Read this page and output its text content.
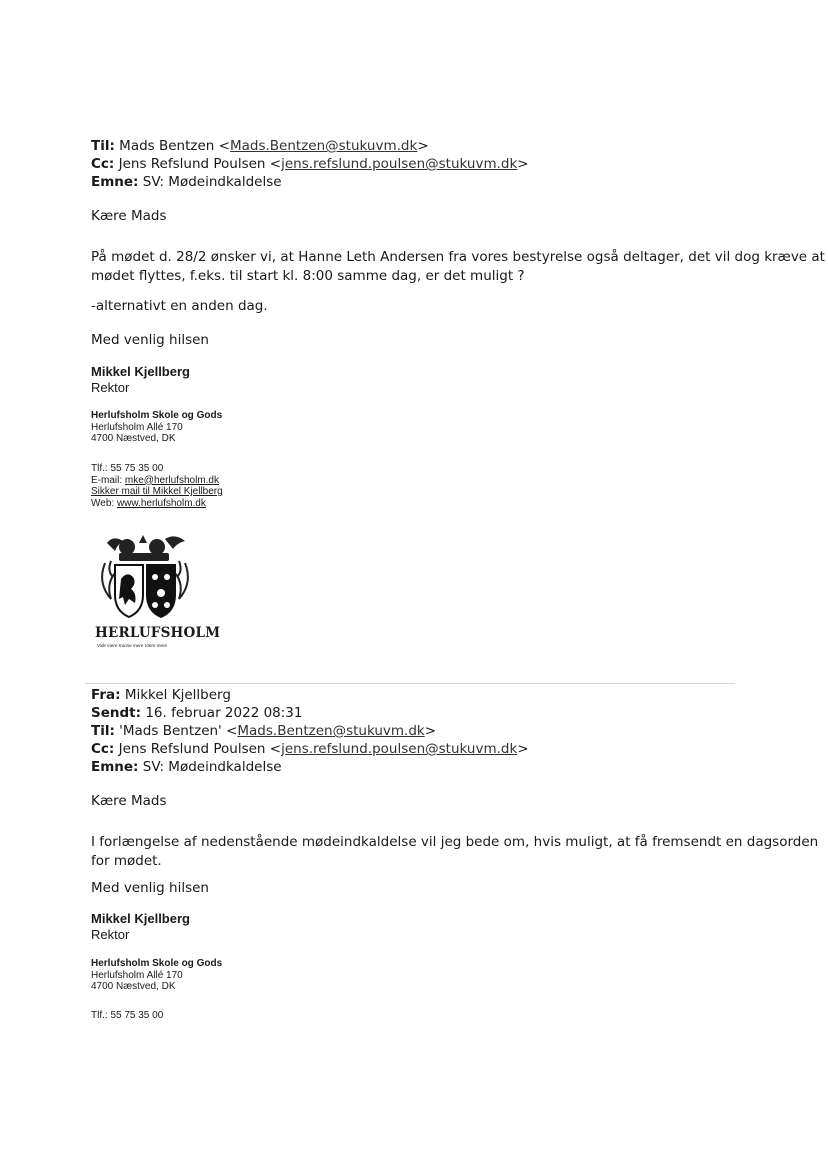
Til: Mads Bentzen <Mads.Bentzen@stukuvm.dk>
Cc: Jens Refslund Poulsen <jens.refslund.poulsen@stukuvm.dk>
Emne: SV: Mødeindkaldelse
Kære Mads
På mødet d. 28/2 ønsker vi, at Hanne Leth Andersen fra vores bestyrelse også deltager, det vil dog kræve at
mødet flyttes, f.eks. til start kl. 8:00 samme dag, er det muligt ?
-alternativt en anden dag.
Med venlig hilsen
Mikkel Kjellberg
Rektor
Herlufsholm Skole og Gods
Herlufsholm Allé 170
4700 Næstved, DK
Tlf.: 55 75 35 00
E-mail: mke@herlufsholm.dk
Sikker mail til Mikkel Kjellberg
Web: www.herlufsholm.dk
HERLUFSHOLM
Vide mere Kunne mere Være mere
Fra: Mikkel Kjellberg
Sendt: 16. februar 2022 08:31
Til: 'Mads Bentzen' <Mads.Bentzen@stukuvm.dk>
Cc: Jens Refslund Poulsen <jens.refslund.poulsen@stukuvm.dk>
Emne: SV: Mødeindkaldelse
Kære Mads
I forlængelse af nedenstående mødeindkaldelse vil jeg bede om, hvis muligt, at få fremsendt en dagsorden
for mødet.
Med venlig hilsen
Mikkel Kjellberg
Rektor
Herlufsholm Skole og Gods
Herlufsholm Allé 170
4700 Næstved, DK
Tlf.: 55 75 35 00
